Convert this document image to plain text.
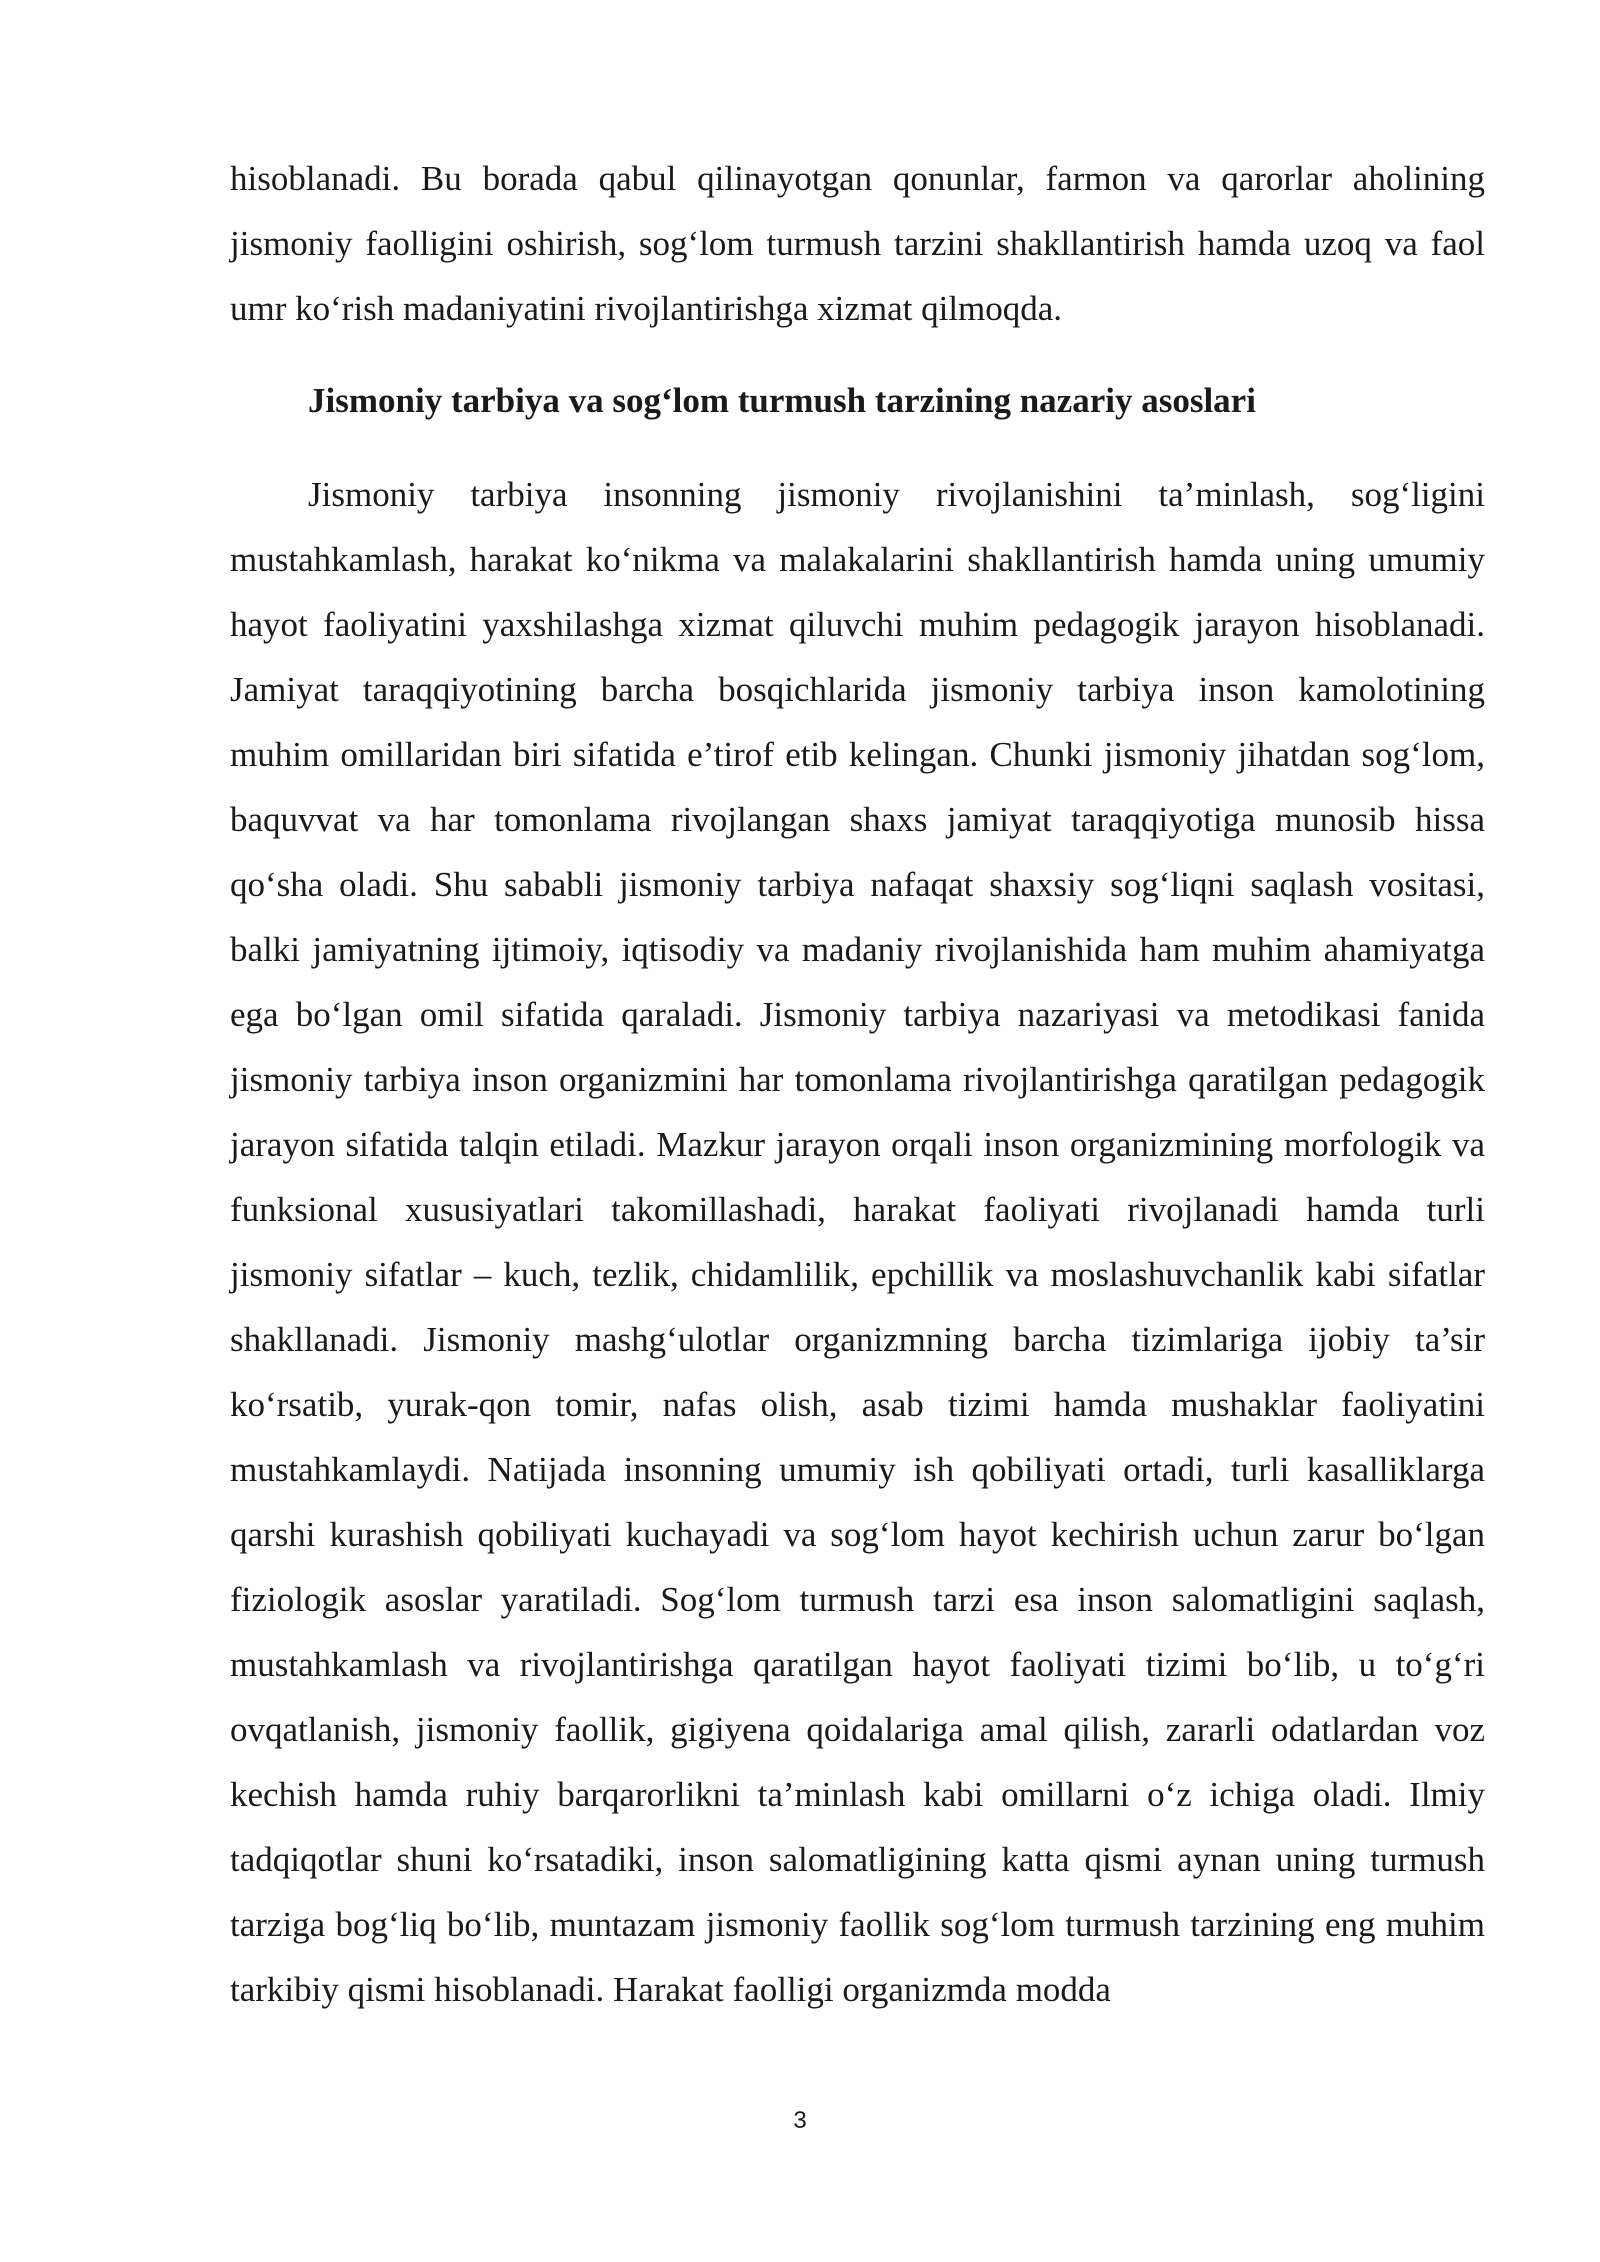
hisoblanadi. Bu borada qabul qilinayotgan qonunlar, farmon va qarorlar aholining jismoniy faolligini oshirish, sog‘lom turmush tarzini shakllantirish hamda uzoq va faol umr ko‘rish madaniyatini rivojlantirishga xizmat qilmoqda.

Jismoniy tarbiya va sog‘lom turmush tarzining nazariy asoslari

Jismoniy tarbiya insonning jismoniy rivojlanishini ta’minlash, sog‘ligini mustahkamlash, harakat ko‘nikma va malakalarini shakllantirish hamda uning umumiy hayot faoliyatini yaxshilashga xizmat qiluvchi muhim pedagogik jarayon hisoblanadi. Jamiyat taraqqiyotining barcha bosqichlarida jismoniy tarbiya inson kamolotining muhim omillaridan biri sifatida e’tirof etib kelingan. Chunki jismoniy jihatdan sog‘lom, baquvvat va har tomonlama rivojlangan shaxs jamiyat taraqqiyotiga munosib hissa qo‘sha oladi. Shu sababli jismoniy tarbiya nafaqat shaxsiy sog‘liqni saqlash vositasi, balki jamiyatning ijtimoiy, iqtisodiy va madaniy rivojlanishida ham muhim ahamiyatga ega bo‘lgan omil sifatida qaraladi. Jismoniy tarbiya nazariyasi va metodikasi fanida jismoniy tarbiya inson organizmini har tomonlama rivojlantirishga qaratilgan pedagogik jarayon sifatida talqin etiladi. Mazkur jarayon orqali inson organizmining morfologik va funksional xususiyatlari takomillashadi, harakat faoliyati rivojlanadi hamda turli jismoniy sifatlar – kuch, tezlik, chidamlilik, epchillik va moslashuvchanlik kabi sifatlar shakllanadi. Jismoniy mashg‘ulotlar organizmning barcha tizimlariga ijobiy ta’sir ko‘rsatib, yurak-qon tomir, nafas olish, asab tizimi hamda mushaklar faoliyatini mustahkamlaydi. Natijada insonning umumiy ish qobiliyati ortadi, turli kasalliklarga qarshi kurashish qobiliyati kuchayadi va sog‘lom hayot kechirish uchun zarur bo‘lgan fiziologik asoslar yaratiladi. Sog‘lom turmush tarzi esa inson salomatligini saqlash, mustahkamlash va rivojlantirishga qaratilgan hayot faoliyati tizimi bo‘lib, u to‘g‘ri ovqatlanish, jismoniy faollik, gigiyena qoidalariga amal qilish, zararli odatlardan voz kechish hamda ruhiy barqarorlikni ta’minlash kabi omillarni o‘z ichiga oladi. Ilmiy tadqiqotlar shuni ko‘rsatadiki, inson salomatligining katta qismi aynan uning turmush tarziga bog‘liq bo‘lib, muntazam jismoniy faollik sog‘lom turmush tarzining eng muhim tarkibiy qismi hisoblanadi. Harakat faolligi organizmda modda

3
